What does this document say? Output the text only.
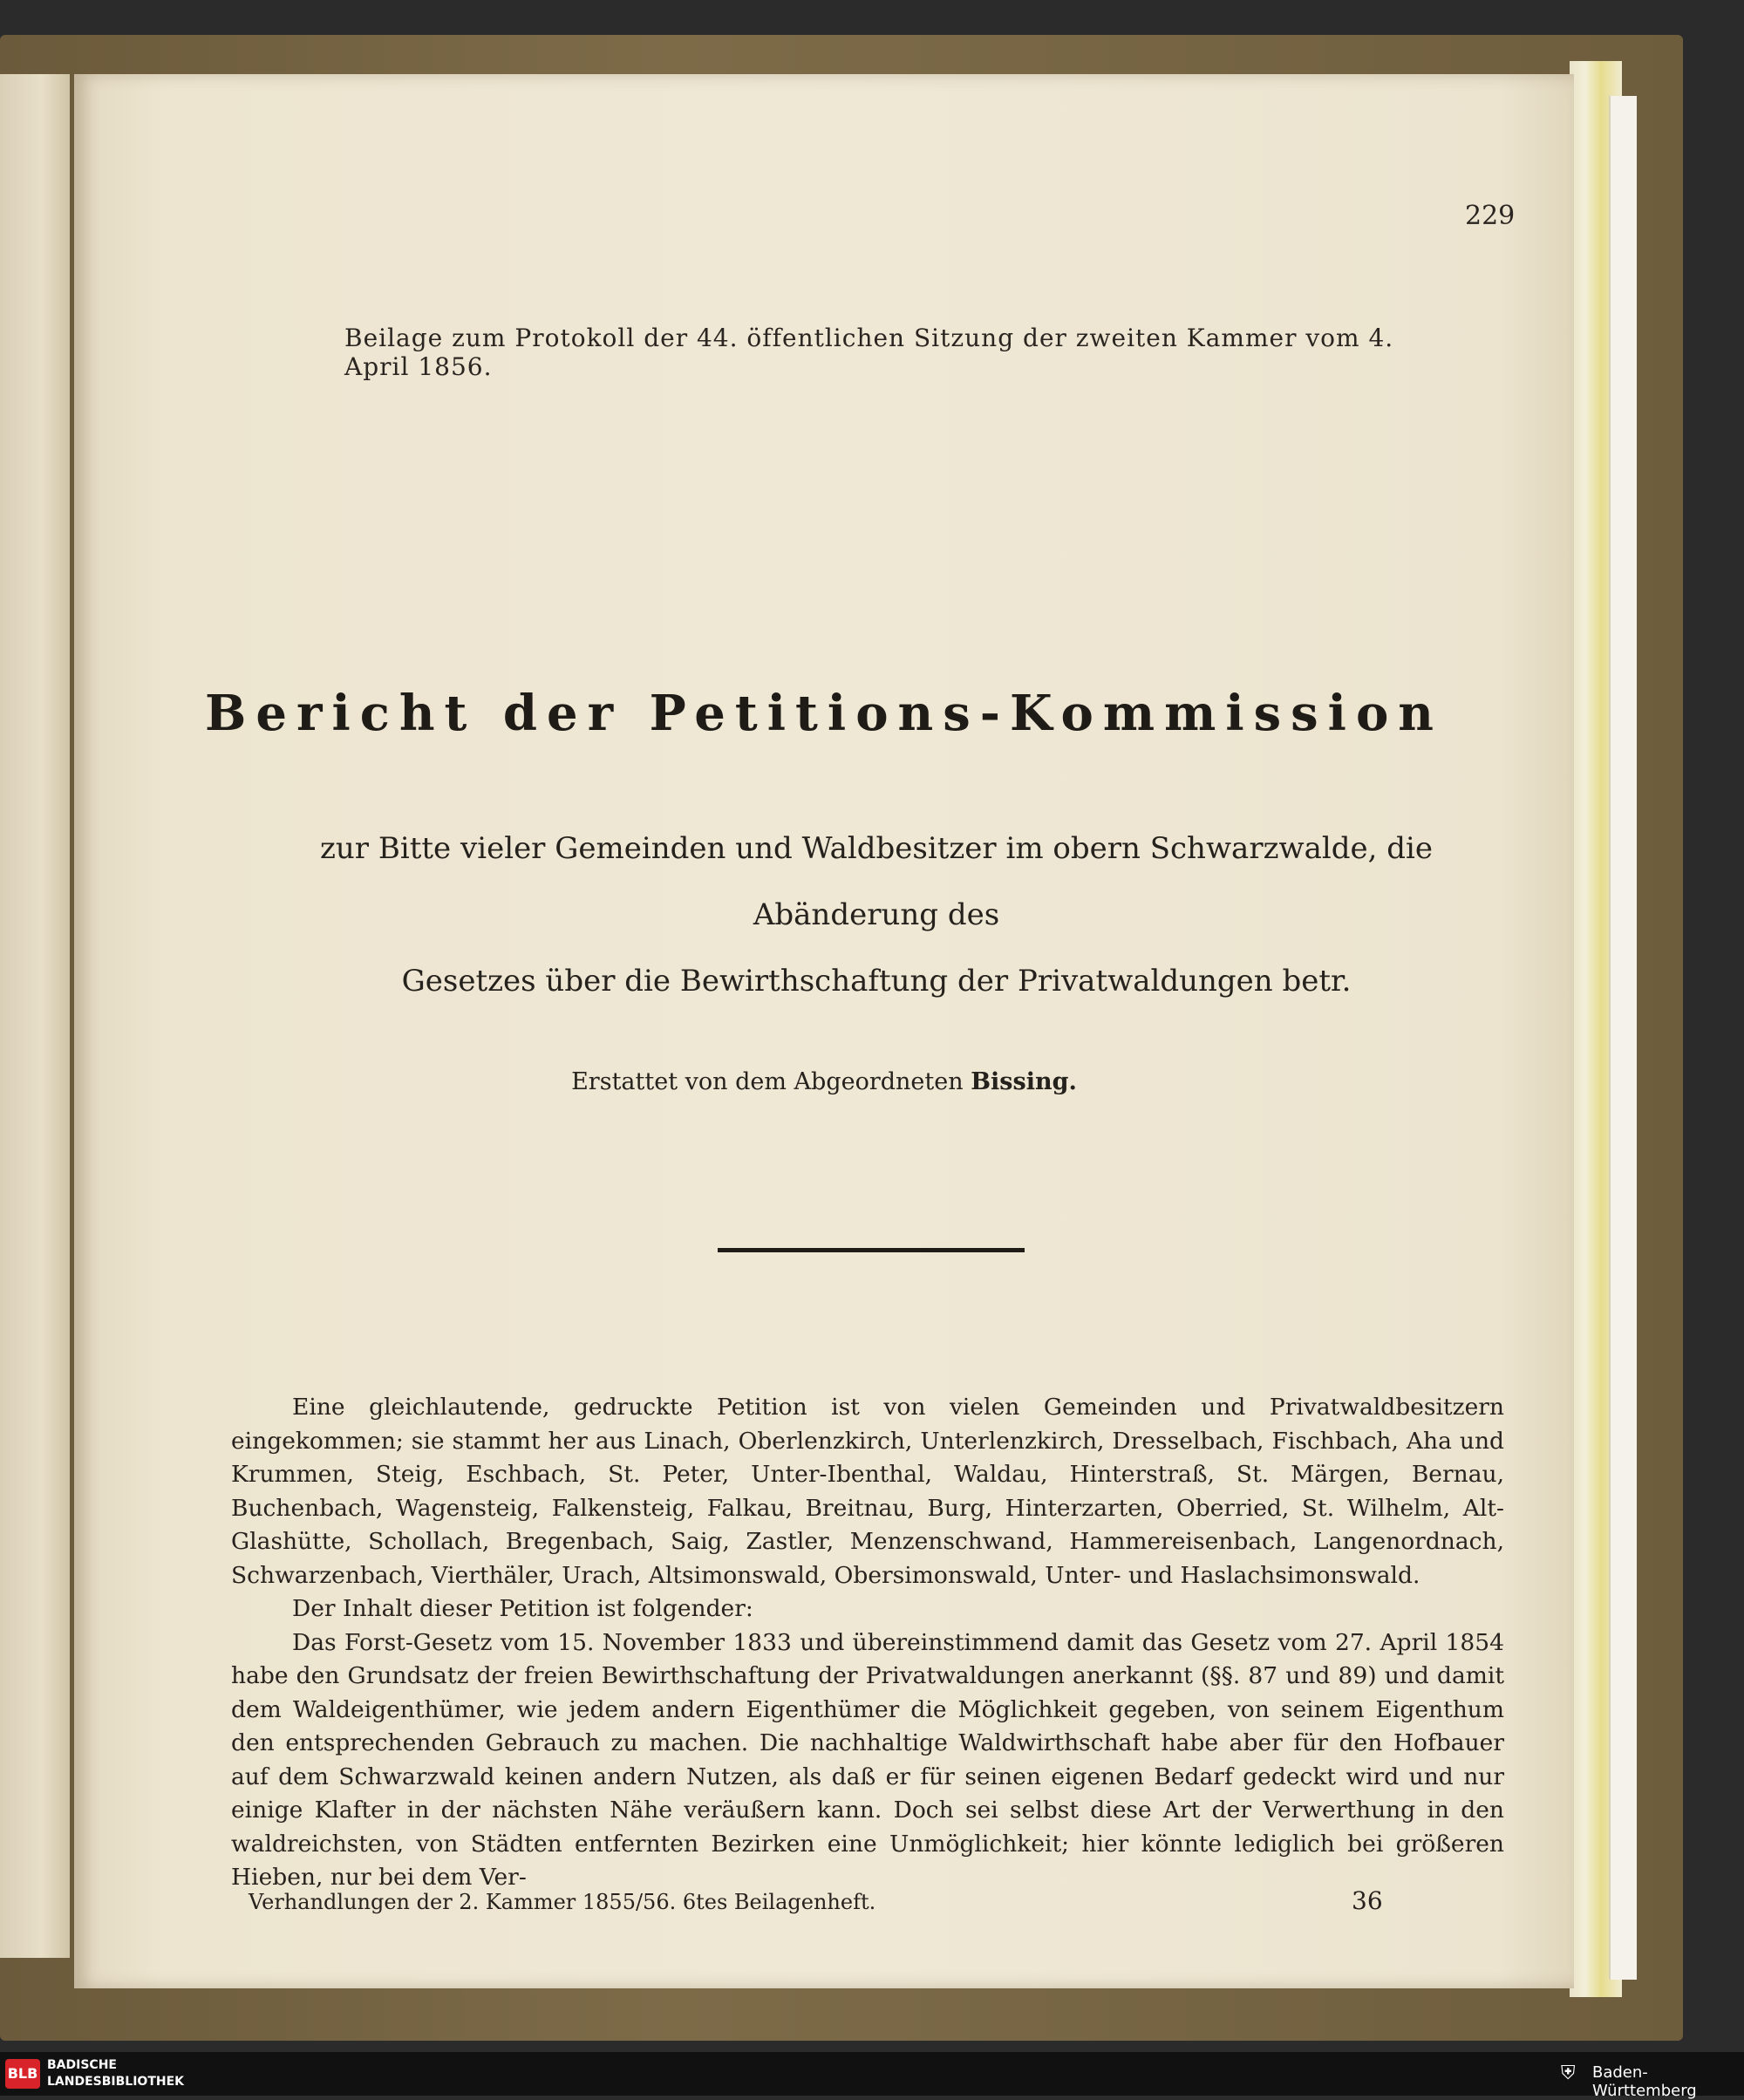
229
Beilage zum Protokoll der 44. öffentlichen Sitzung der zweiten Kammer vom 4. April 1856.
Bericht der Petitions-Kommission
zur Bitte vieler Gemeinden und Waldbesitzer im obern Schwarzwalde, die Abänderung des
Gesetzes über die Bewirthschaftung der Privatwaldungen betr.
Erstattet von dem Abgeordneten Bissing.

Eine gleichlautende, gedruckte Petition ist von vielen Gemeinden und Privatwaldbesitzern eingekommen; sie stammt her aus Linach, Oberlenzkirch, Unterlenzkirch, Dresselbach, Fischbach, Aha und Krummen, Steig, Eschbach, St. Peter, Unter-Ibenthal, Waldau, Hinterstraß, St. Märgen, Bernau, Buchenbach, Wagensteig, Falkensteig, Falkau, Breitnau, Burg, Hinterzarten, Oberried, St. Wilhelm, Alt-Glashütte, Schollach, Bregenbach, Saig, Zastler, Menzenschwand, Hammereisenbach, Langenordnach, Schwarzenbach, Vierthäler, Urach, Altsimonswald, Obersimonswald, Unter- und Haslachsimonswald.

Der Inhalt dieser Petition ist folgender:

Das Forst-Gesetz vom 15. November 1833 und übereinstimmend damit das Gesetz vom 27. April 1854 habe den Grundsatz der freien Bewirthschaftung der Privatwaldungen anerkannt (§§. 87 und 89) und damit dem Waldeigenthümer, wie jedem andern Eigenthümer die Möglichkeit gegeben, von seinem Eigenthum den entsprechenden Gebrauch zu machen. Die nachhaltige Waldwirthschaft habe aber für den Hofbauer auf dem Schwarzwald keinen andern Nutzen, als daß er für seinen eigenen Bedarf gedeckt wird und nur einige Klafter in der nächsten Nähe veräußern kann. Doch sei selbst diese Art der Verwerthung in den waldreichsten, von Städten entfernten Bezirken eine Unmöglichkeit; hier könnte lediglich bei größeren Hieben, nur bei dem Ver-

Verhandlungen der 2. Kammer 1855/56. 6tes Beilagenheft.	36
BLB BADISCHE
LANDESBIBLIOTHEK	⛨	Baden-Württemberg
